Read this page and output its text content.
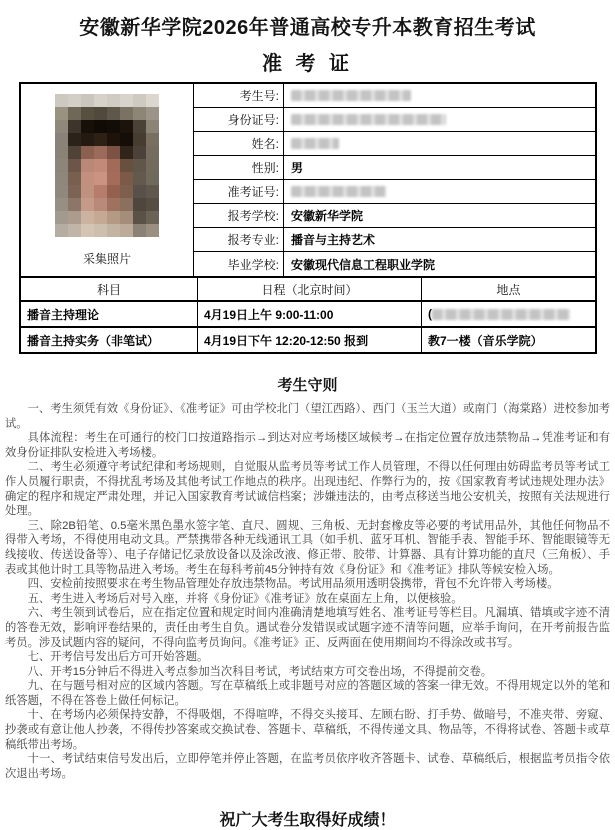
安徽新华学院2026年普通高校专升本教育招生考试
准 考 证
采集照片
考生号:
身份证号:
姓名:
性别:	男
准考证号:
报考学校:	安徽新华学院
报考专业:	播音与主持艺术
毕业学校:	安徽现代信息工程职业学院
科目	日程（北京时间）	地点
播音主持理论	4月19日上午 9:00-11:00	(
播音主持实务（非笔试）	4月19日下午 12:20-12:50 报到	教7一楼（音乐学院）
考生守则

一、考生须凭有效《身份证》、《准考证》可由学校北门（望江西路）、西门（玉兰大道）或南门（海棠路）进校参加考试。

具体流程：考生在可通行的校门口按道路指示→到达对应考场楼区域候考→在指定位置存放违禁物品→凭准考证和有效身份证排队安检进入考场楼。

二、考生必须遵守考试纪律和考场规则，自觉服从监考员等考试工作人员管理，不得以任何理由妨碍监考员等考试工作人员履行职责，不得扰乱考场及其他考试工作地点的秩序。出现违纪、作弊行为的，按《国家教育考试违规处理办法》确定的程序和规定严肃处理，并记入国家教育考试诚信档案；涉嫌违法的，由考点移送当地公安机关，按照有关法规进行处理。

三、除2B铅笔、0.5毫米黑色墨水签字笔、直尺、圆规、三角板、无封套橡皮等必要的考试用品外，其他任何物品不得带入考场，不得使用电动文具。严禁携带各种无线通讯工具（如手机、蓝牙耳机、智能手表、智能手环、智能眼镜等无线接收、传送设备等）、电子存储记忆录放设备以及涂改液、修正带、胶带、计算器、具有计算功能的直尺（三角板）、手表或其他计时工具等物品进入考场。考生在每科考前45分钟持有效《身份证》和《准考证》排队等候安检入场。

四、安检前按照要求在考生物品管理处存放违禁物品。考试用品须用透明袋携带，背包不允许带入考场楼。

五、考生进入考场后对号入座，并将《身份证》《准考证》放在桌面左上角，以便核验。

六、考生领到试卷后，应在指定位置和规定时间内准确清楚地填写姓名、准考证号等栏目。凡漏填、错填或字迹不清的答卷无效，影响评卷结果的，责任由考生自负。遇试卷分发错误或试题字迹不清等问题，应举手询问，在开考前报告监考员。涉及试题内容的疑问，不得向监考员询问。《准考证》正、反两面在使用期间均不得涂改或书写。

七、开考信号发出后方可开始答题。

八、开考15分钟后不得进入考点参加当次科目考试，考试结束方可交卷出场，不得提前交卷。

九、在与题号相对应的区域内答题。写在草稿纸上或非题号对应的答题区域的答案一律无效。不得用规定以外的笔和纸答题，不得在答卷上做任何标记。

十、在考场内必须保持安静，不得吸烟，不得喧哗，不得交头接耳、左顾右盼、打手势、做暗号，不准夹带、旁窥、抄袭或有意让他人抄袭，不得传抄答案或交换试卷、答题卡、草稿纸，不得传递文具、物品等，不得将试卷、答题卡或草稿纸带出考场。

十一、考试结束信号发出后，立即停笔并停止答题，在监考员依序收齐答题卡、试卷、草稿纸后，根据监考员指令依次退出考场。

祝广大考生取得好成绩！
